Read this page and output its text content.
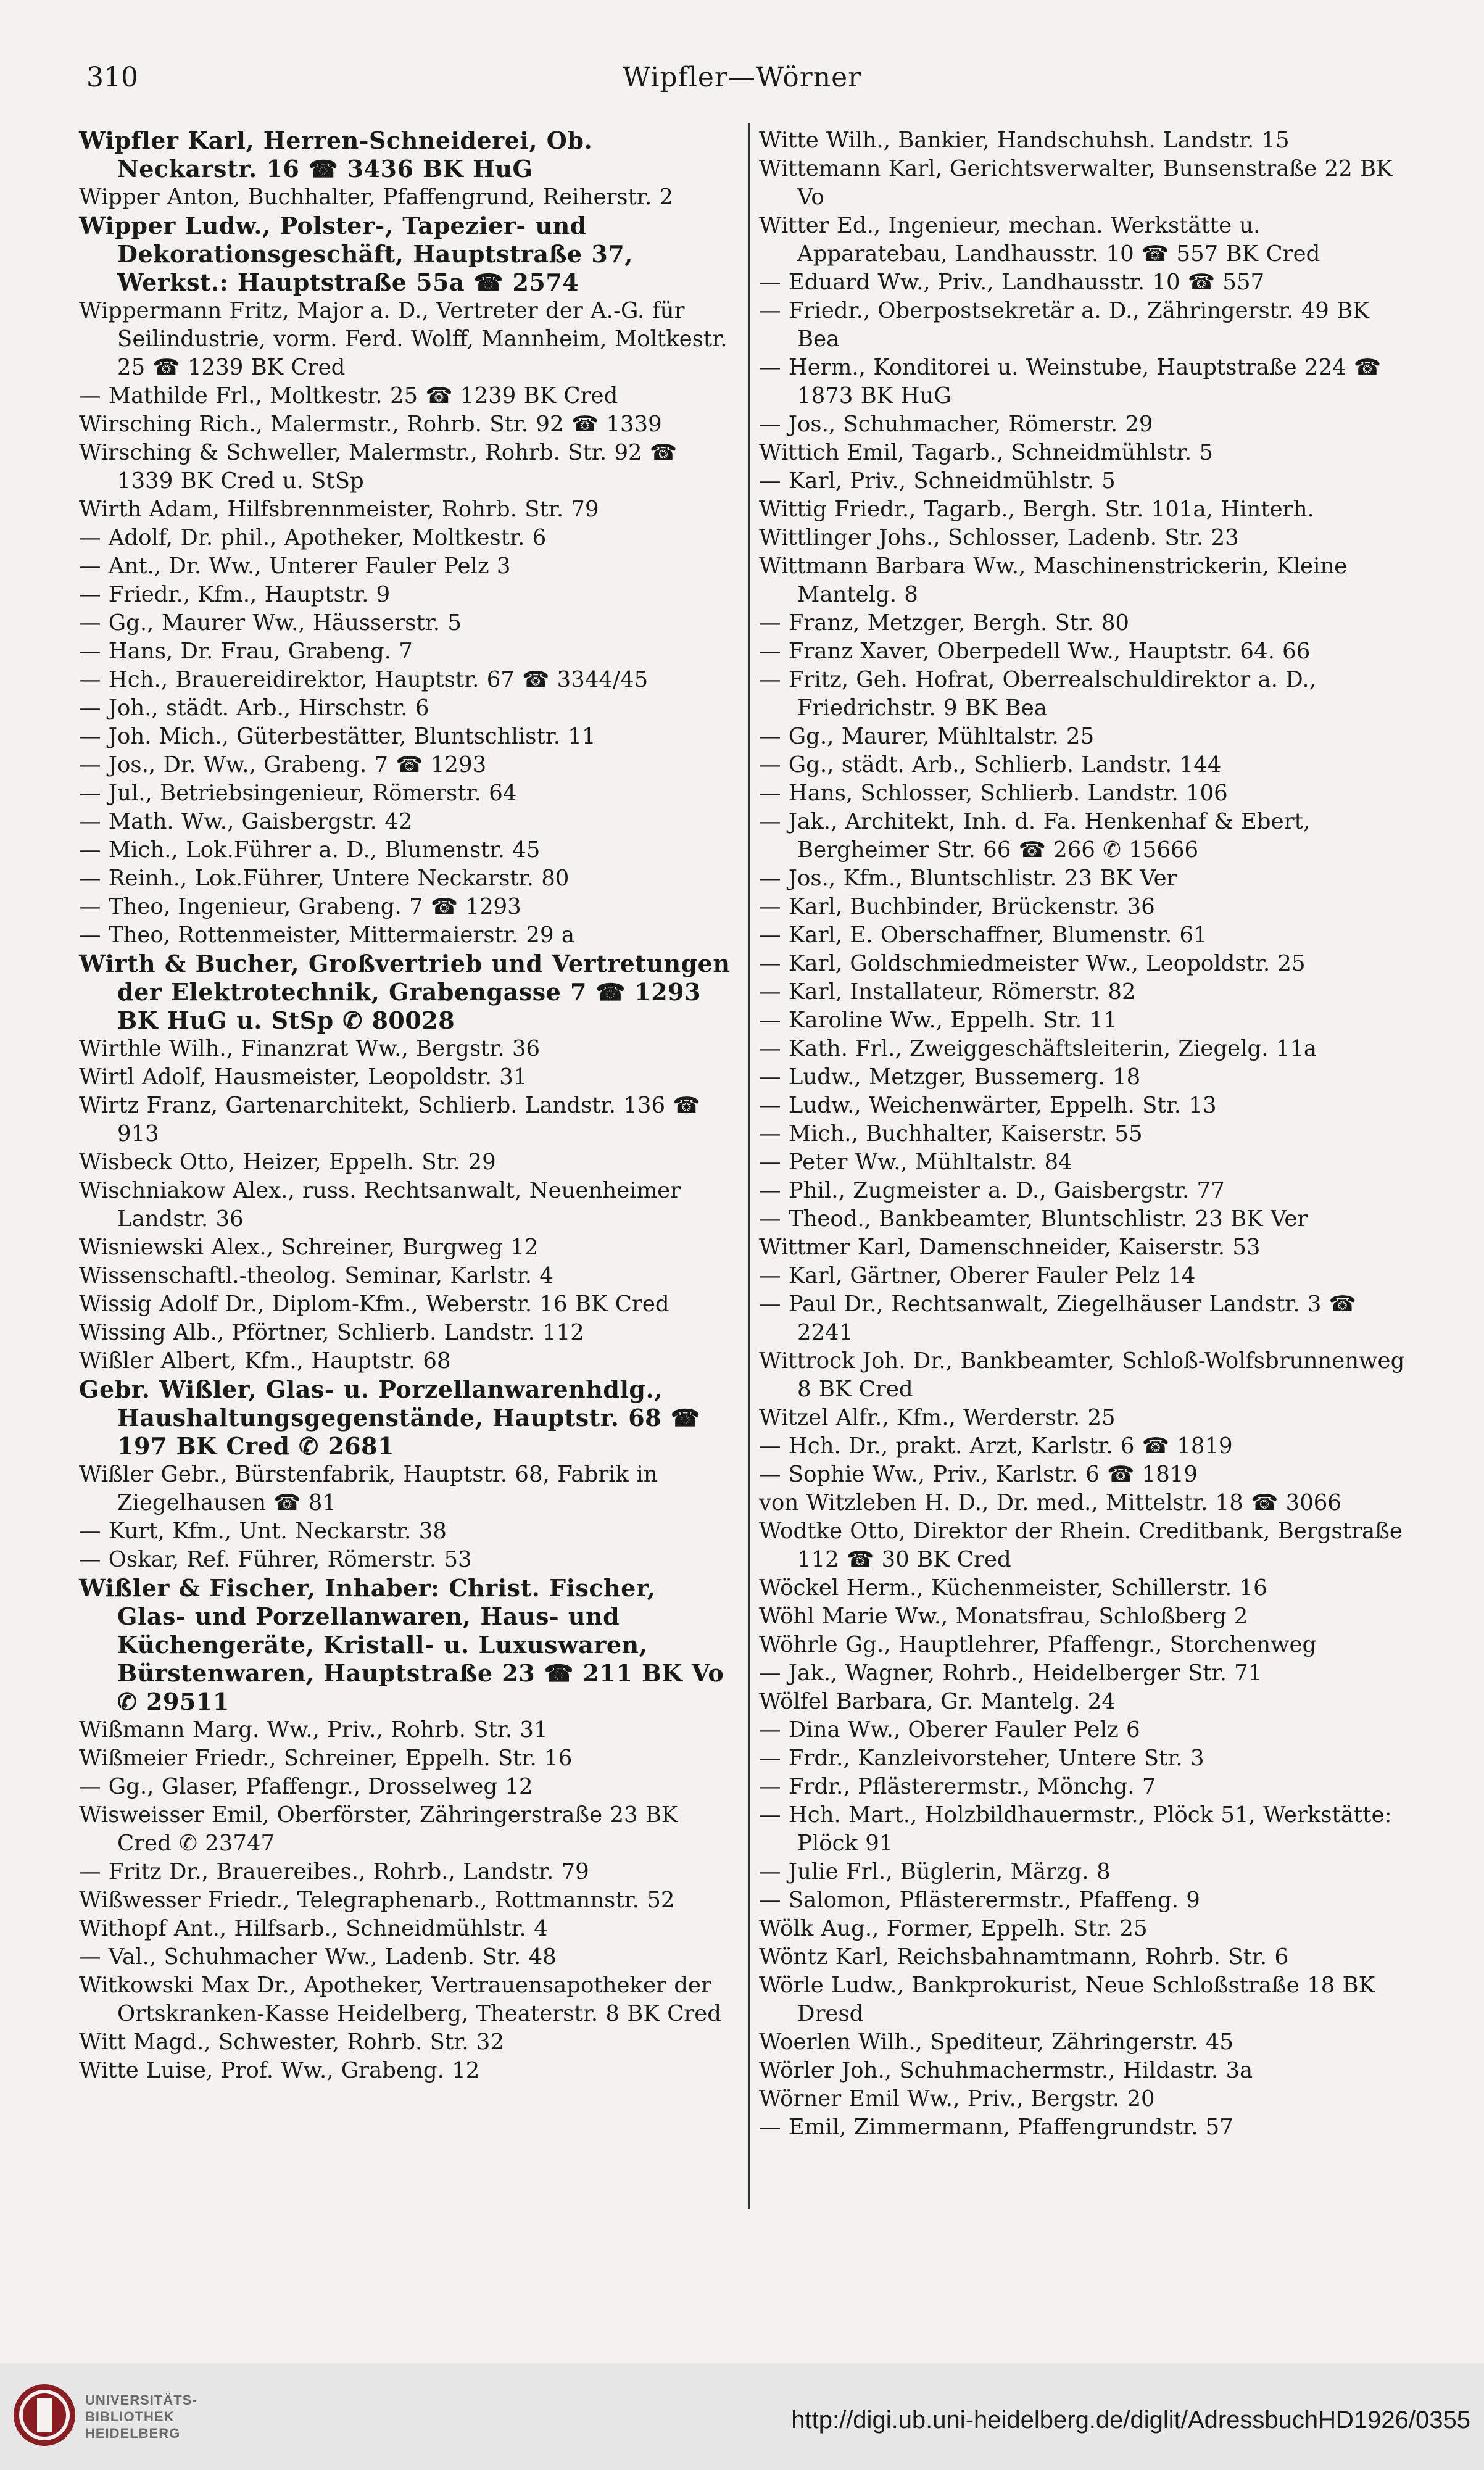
310	Wipfler—Wörner
Wipfler Karl, Herren-Schneiderei, Ob. Neckarstr. 16 ☎ 3436 BK HuG
Wipper Anton, Buchhalter, Pfaffengrund, Reiherstr. 2
Wipper Ludw., Polster-, Tapezier- und Dekorationsgeschäft, Hauptstraße 37, Werkst.: Hauptstraße 55a ☎ 2574
Wippermann Fritz, Major a. D., Vertreter der A.-G. für Seilindustrie, vorm. Ferd. Wolff, Mannheim, Moltkestr. 25 ☎ 1239 BK Cred
— Mathilde Frl., Moltkestr. 25 ☎ 1239 BK Cred
Wirsching Rich., Malermstr., Rohrb. Str. 92 ☎ 1339
Wirsching & Schweller, Malermstr., Rohrb. Str. 92 ☎ 1339 BK Cred u. StSp
Wirth Adam, Hilfsbrennmeister, Rohrb. Str. 79
— Adolf, Dr. phil., Apotheker, Moltkestr. 6
— Ant., Dr. Ww., Unterer Fauler Pelz 3
— Friedr., Kfm., Hauptstr. 9
— Gg., Maurer Ww., Häusserstr. 5
— Hans, Dr. Frau, Grabeng. 7
— Hch., Brauereidirektor, Hauptstr. 67 ☎ 3344/45
— Joh., städt. Arb., Hirschstr. 6
— Joh. Mich., Güterbestätter, Bluntschlistr. 11
— Jos., Dr. Ww., Grabeng. 7 ☎ 1293
— Jul., Betriebsingenieur, Römerstr. 64
— Math. Ww., Gaisbergstr. 42
— Mich., Lok.Führer a. D., Blumenstr. 45
— Reinh., Lok.Führer, Untere Neckarstr. 80
— Theo, Ingenieur, Grabeng. 7 ☎ 1293
— Theo, Rottenmeister, Mittermaierstr. 29 a
Wirth & Bucher, Großvertrieb und Vertretungen der Elektrotechnik, Grabengasse 7 ☎ 1293 BK HuG u. StSp ✆ 80028
Wirthle Wilh., Finanzrat Ww., Bergstr. 36
Wirtl Adolf, Hausmeister, Leopoldstr. 31
Wirtz Franz, Gartenarchitekt, Schlierb. Landstr. 136 ☎ 913
Wisbeck Otto, Heizer, Eppelh. Str. 29
Wischniakow Alex., russ. Rechtsanwalt, Neuenheimer Landstr. 36
Wisniewski Alex., Schreiner, Burgweg 12
Wissenschaftl.-theolog. Seminar, Karlstr. 4
Wissig Adolf Dr., Diplom-Kfm., Weberstr. 16 BK Cred
Wissing Alb., Pförtner, Schlierb. Landstr. 112
Wißler Albert, Kfm., Hauptstr. 68
Gebr. Wißler, Glas- u. Porzellanwarenhdlg., Haushaltungsgegenstände, Hauptstr. 68 ☎ 197 BK Cred ✆ 2681
Wißler Gebr., Bürstenfabrik, Hauptstr. 68, Fabrik in Ziegelhausen ☎ 81
— Kurt, Kfm., Unt. Neckarstr. 38
— Oskar, Ref. Führer, Römerstr. 53
Wißler & Fischer, Inhaber: Christ. Fischer, Glas- und Porzellanwaren, Haus- und Küchengeräte, Kristall- u. Luxuswaren, Bürstenwaren, Hauptstraße 23 ☎ 211 BK Vo ✆ 29511
Wißmann Marg. Ww., Priv., Rohrb. Str. 31
Wißmeier Friedr., Schreiner, Eppelh. Str. 16
— Gg., Glaser, Pfaffengr., Drosselweg 12
Wisweisser Emil, Oberförster, Zähringerstraße 23 BK Cred ✆ 23747
— Fritz Dr., Brauereibes., Rohrb., Landstr. 79
Wißwesser Friedr., Telegraphenarb., Rottmannstr. 52
Withopf Ant., Hilfsarb., Schneidmühlstr. 4
— Val., Schuhmacher Ww., Ladenb. Str. 48
Witkowski Max Dr., Apotheker, Vertrauensapotheker der Ortskranken-Kasse Heidelberg, Theaterstr. 8 BK Cred
Witt Magd., Schwester, Rohrb. Str. 32
Witte Luise, Prof. Ww., Grabeng. 12
Witte Wilh., Bankier, Handschuhsh. Landstr. 15
Wittemann Karl, Gerichtsverwalter, Bunsenstraße 22 BK Vo
Witter Ed., Ingenieur, mechan. Werkstätte u. Apparatebau, Landhausstr. 10 ☎ 557 BK Cred
— Eduard Ww., Priv., Landhausstr. 10 ☎ 557
— Friedr., Oberpostsekretär a. D., Zähringerstr. 49 BK Bea
— Herm., Konditorei u. Weinstube, Hauptstraße 224 ☎ 1873 BK HuG
— Jos., Schuhmacher, Römerstr. 29
Wittich Emil, Tagarb., Schneidmühlstr. 5
— Karl, Priv., Schneidmühlstr. 5
Wittig Friedr., Tagarb., Bergh. Str. 101a, Hinterh.
Wittlinger Johs., Schlosser, Ladenb. Str. 23
Wittmann Barbara Ww., Maschinenstrickerin, Kleine Mantelg. 8
— Franz, Metzger, Bergh. Str. 80
— Franz Xaver, Oberpedell Ww., Hauptstr. 64. 66
— Fritz, Geh. Hofrat, Oberrealschuldirektor a. D., Friedrichstr. 9 BK Bea
— Gg., Maurer, Mühltalstr. 25
— Gg., städt. Arb., Schlierb. Landstr. 144
— Hans, Schlosser, Schlierb. Landstr. 106
— Jak., Architekt, Inh. d. Fa. Henkenhaf & Ebert, Bergheimer Str. 66 ☎ 266 ✆ 15666
— Jos., Kfm., Bluntschlistr. 23 BK Ver
— Karl, Buchbinder, Brückenstr. 36
— Karl, E. Oberschaffner, Blumenstr. 61
— Karl, Goldschmiedmeister Ww., Leopoldstr. 25
— Karl, Installateur, Römerstr. 82
— Karoline Ww., Eppelh. Str. 11
— Kath. Frl., Zweiggeschäftsleiterin, Ziegelg. 11a
— Ludw., Metzger, Bussemerg. 18
— Ludw., Weichenwärter, Eppelh. Str. 13
— Mich., Buchhalter, Kaiserstr. 55
— Peter Ww., Mühltalstr. 84
— Phil., Zugmeister a. D., Gaisbergstr. 77
— Theod., Bankbeamter, Bluntschlistr. 23 BK Ver
Wittmer Karl, Damenschneider, Kaiserstr. 53
— Karl, Gärtner, Oberer Fauler Pelz 14
— Paul Dr., Rechtsanwalt, Ziegelhäuser Landstr. 3 ☎ 2241
Wittrock Joh. Dr., Bankbeamter, Schloß-Wolfsbrunnenweg 8 BK Cred
Witzel Alfr., Kfm., Werderstr. 25
— Hch. Dr., prakt. Arzt, Karlstr. 6 ☎ 1819
— Sophie Ww., Priv., Karlstr. 6 ☎ 1819
von Witzleben H. D., Dr. med., Mittelstr. 18 ☎ 3066
Wodtke Otto, Direktor der Rhein. Creditbank, Bergstraße 112 ☎ 30 BK Cred
Wöckel Herm., Küchenmeister, Schillerstr. 16
Wöhl Marie Ww., Monatsfrau, Schloßberg 2
Wöhrle Gg., Hauptlehrer, Pfaffengr., Storchenweg
— Jak., Wagner, Rohrb., Heidelberger Str. 71
Wölfel Barbara, Gr. Mantelg. 24
— Dina Ww., Oberer Fauler Pelz 6
— Frdr., Kanzleivorsteher, Untere Str. 3
— Frdr., Pflästerermstr., Mönchg. 7
— Hch. Mart., Holzbildhauermstr., Plöck 51, Werkstätte: Plöck 91
— Julie Frl., Büglerin, Märzg. 8
— Salomon, Pflästerermstr., Pfaffeng. 9
Wölk Aug., Former, Eppelh. Str. 25
Wöntz Karl, Reichsbahnamtmann, Rohrb. Str. 6
Wörle Ludw., Bankprokurist, Neue Schloßstraße 18 BK Dresd
Woerlen Wilh., Spediteur, Zähringerstr. 45
Wörler Joh., Schuhmachermstr., Hildastr. 3a
Wörner Emil Ww., Priv., Bergstr. 20
— Emil, Zimmermann, Pfaffengrundstr. 57
UNIVERSITÄTS-
BIBLIOTHEK
HEIDELBERG	http://digi.ub.uni-heidelberg.de/diglit/AdressbuchHD1926/0355
